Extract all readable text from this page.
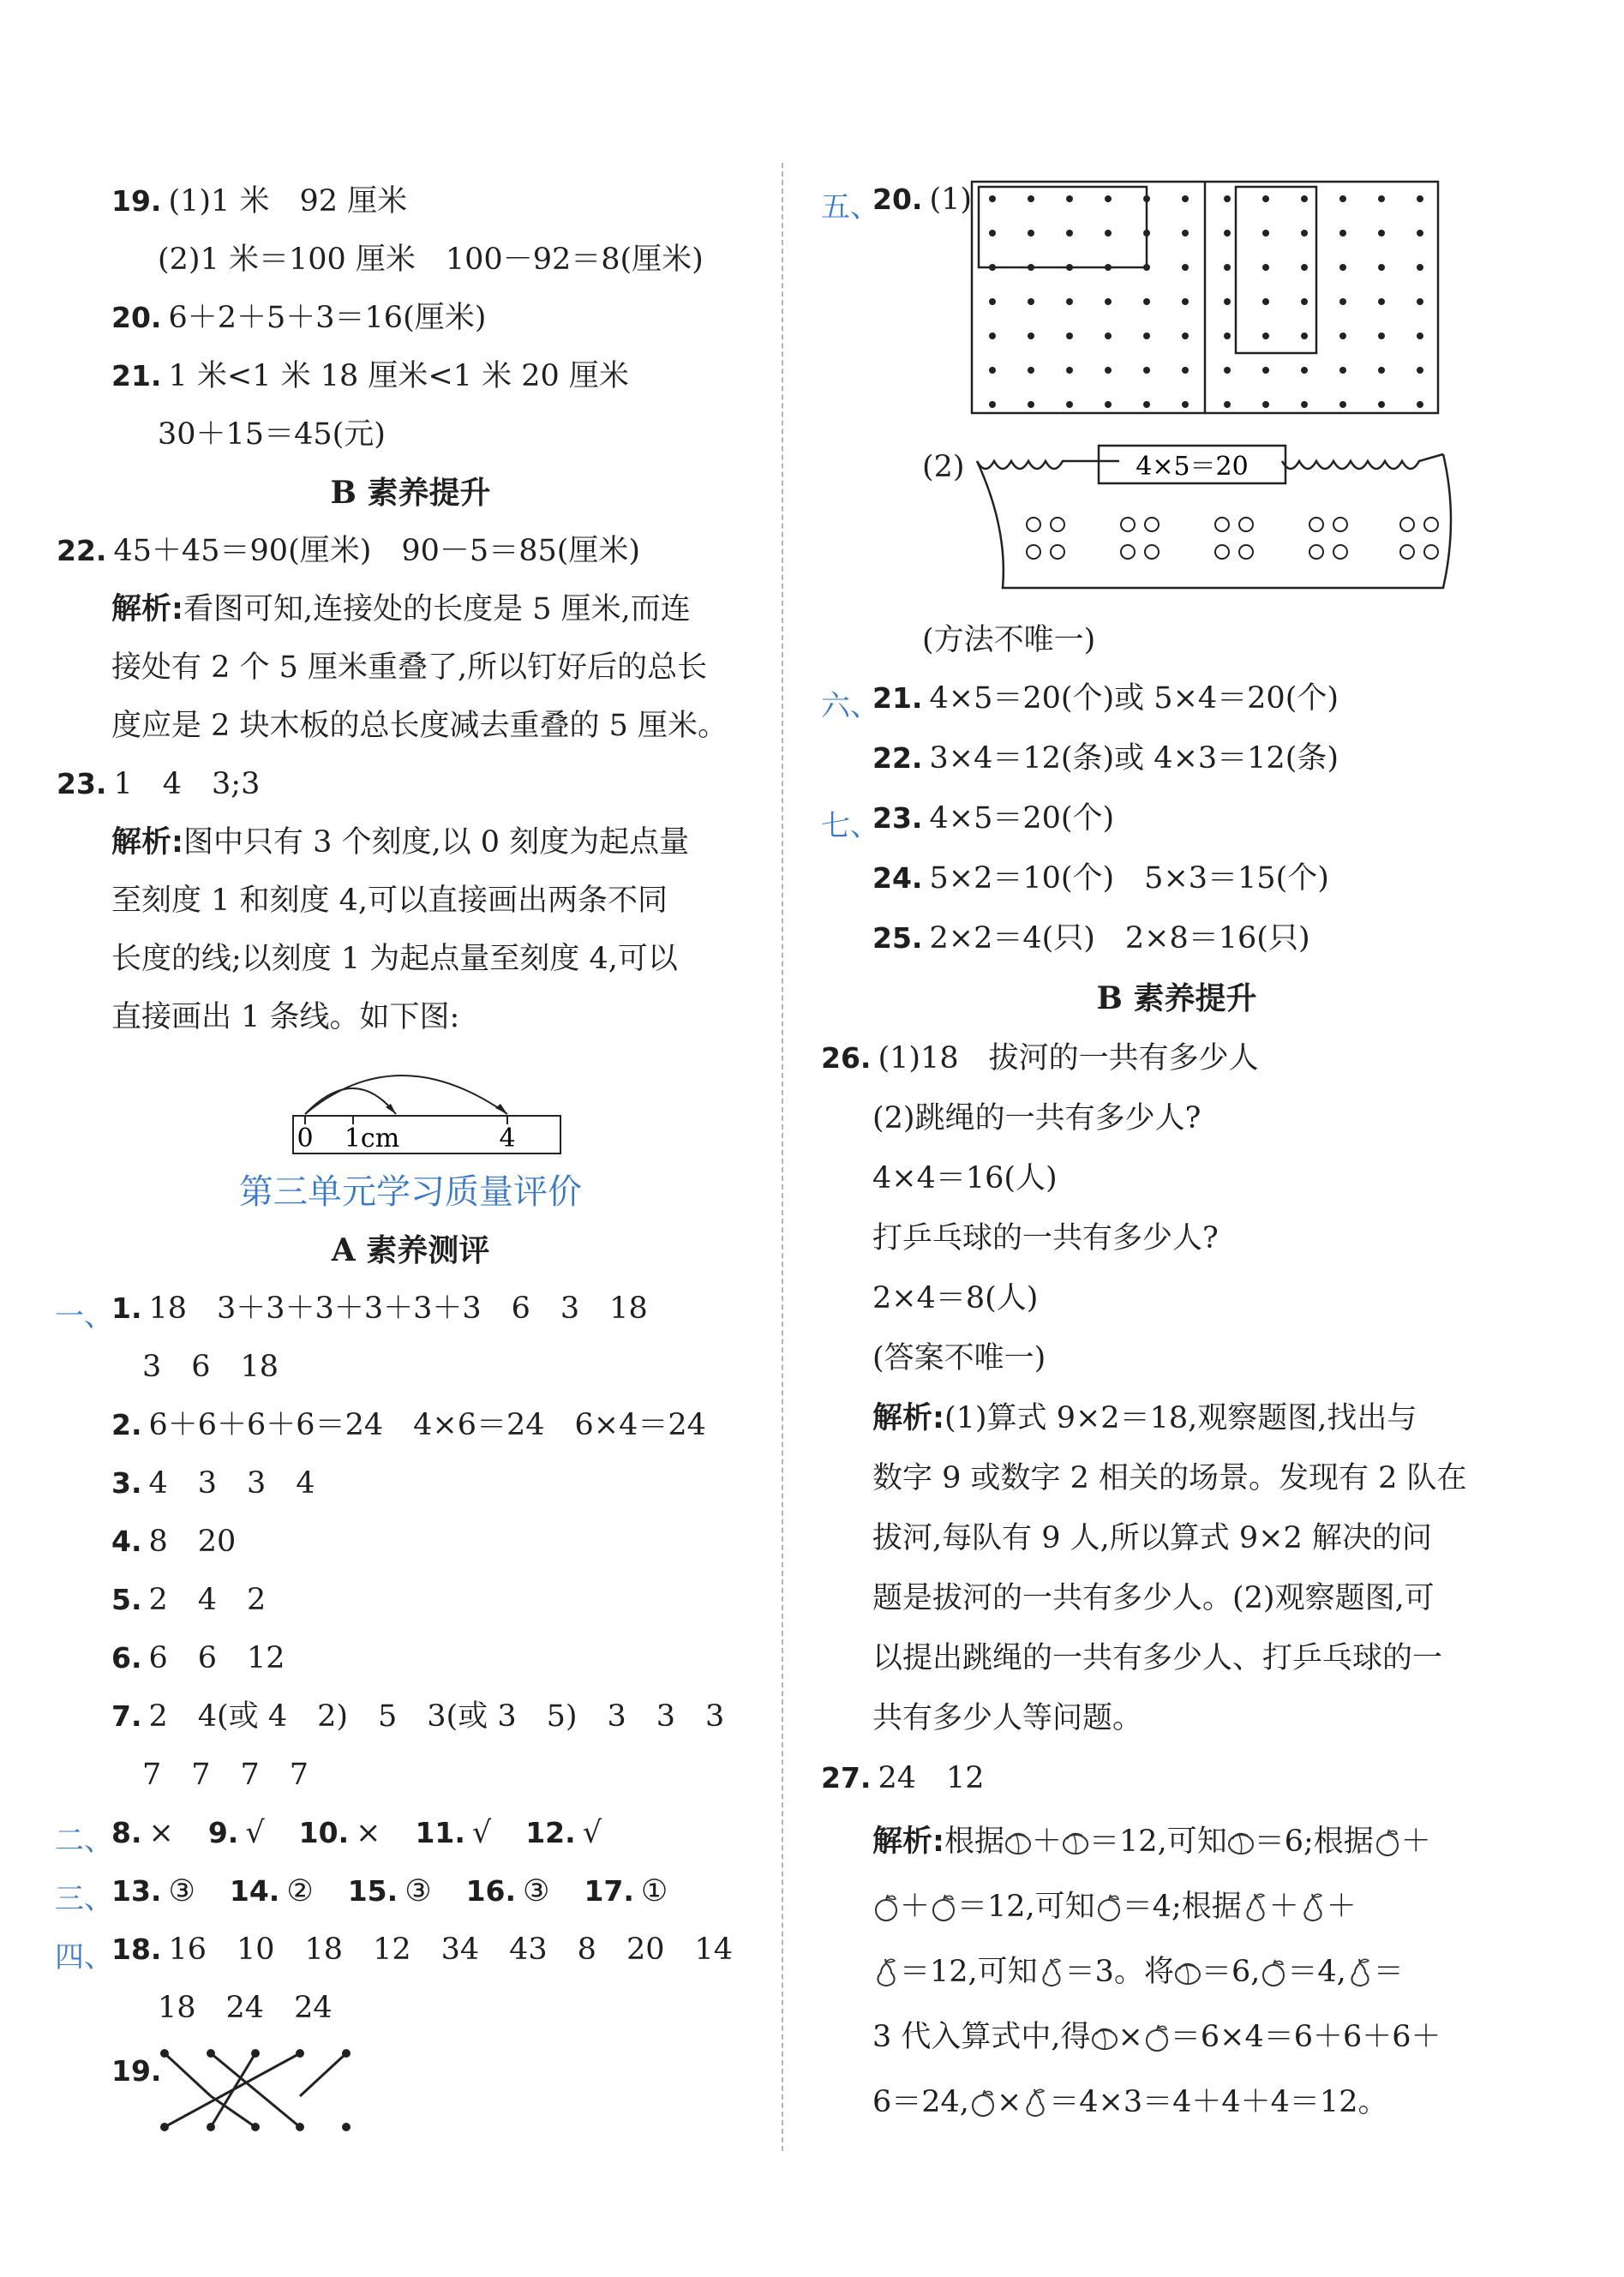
19. (1)1 米　92 厘米
(2)1 米＝100 厘米　100－92＝8(厘米)
20. 6＋2＋5＋3＝16(厘米)
21. 1 米<1 米 18 厘米<1 米 20 厘米
30＋15＝45(元)
B 素养提升
22. 45＋45＝90(厘米)　90－5＝85(厘米)
解析:看图可知,连接处的长度是 5 厘米,而连
接处有 2 个 5 厘米重叠了,所以钉好后的总长
度应是 2 块木板的总长度减去重叠的 5 厘米。
23. 1　4　3;3
解析:图中只有 3 个刻度,以 0 刻度为起点量
至刻度 1 和刻度 4,可以直接画出两条不同
长度的线;以刻度 1 为起点量至刻度 4,可以
直接画出 1 条线。如下图:
0 1cm	4
第三单元学习质量评价
A 素养测评
一、
1. 18　3＋3＋3＋3＋3＋3　6　3　18
3　6　18
2. 6＋6＋6＋6＝24　4×6＝24　6×4＝24
3. 4　3　3　4
4. 8　20
5. 2　4　2
6. 6　6　12
7. 2　4(或 4　2)　5　3(或 3　5)　3　3　3
7　7　7　7
二、
8. × 9. √ 10. × 11. √ 12. √
三、
13. ③ 14. ② 15. ③ 16. ③ 17. ①
四、
18. 16　10　18　12　34　43　8　20　14
18　24　24
19.
五、
20. (1)
(2)	4×5＝20
(方法不唯一)
六、
21. 4×5＝20(个)或 5×4＝20(个)
22. 3×4＝12(条)或 4×3＝12(条)
七、
23. 4×5＝20(个)
24. 5×2＝10(个)　5×3＝15(个)
25. 2×2＝4(只)　2×8＝16(只)
B 素养提升
26. (1)18　拔河的一共有多少人
(2)跳绳的一共有多少人?
4×4＝16(人)
打乒乓球的一共有多少人?
2×4＝8(人)
(答案不唯一)
解析:(1)算式 9×2＝18,观察题图,找出与
数字 9 或数字 2 相关的场景。发现有 2 队在
拔河,每队有 9 人,所以算式 9×2 解决的问
题是拔河的一共有多少人。(2)观察题图,可
以提出跳绳的一共有多少人、打乒乓球的一
共有多少人等问题。
27. 24　12
解析:根据 ＋ ＝12,可知 ＝6;根据 ＋
＋ ＝12,可知 ＝4;根据 ＋ ＋
＝12,可知 ＝3。将 ＝6, ＝4, ＝
3 代入算式中,得 × ＝6×4＝6＋6＋6＋
6＝24, × ＝4×3＝4＋4＋4＝12。
